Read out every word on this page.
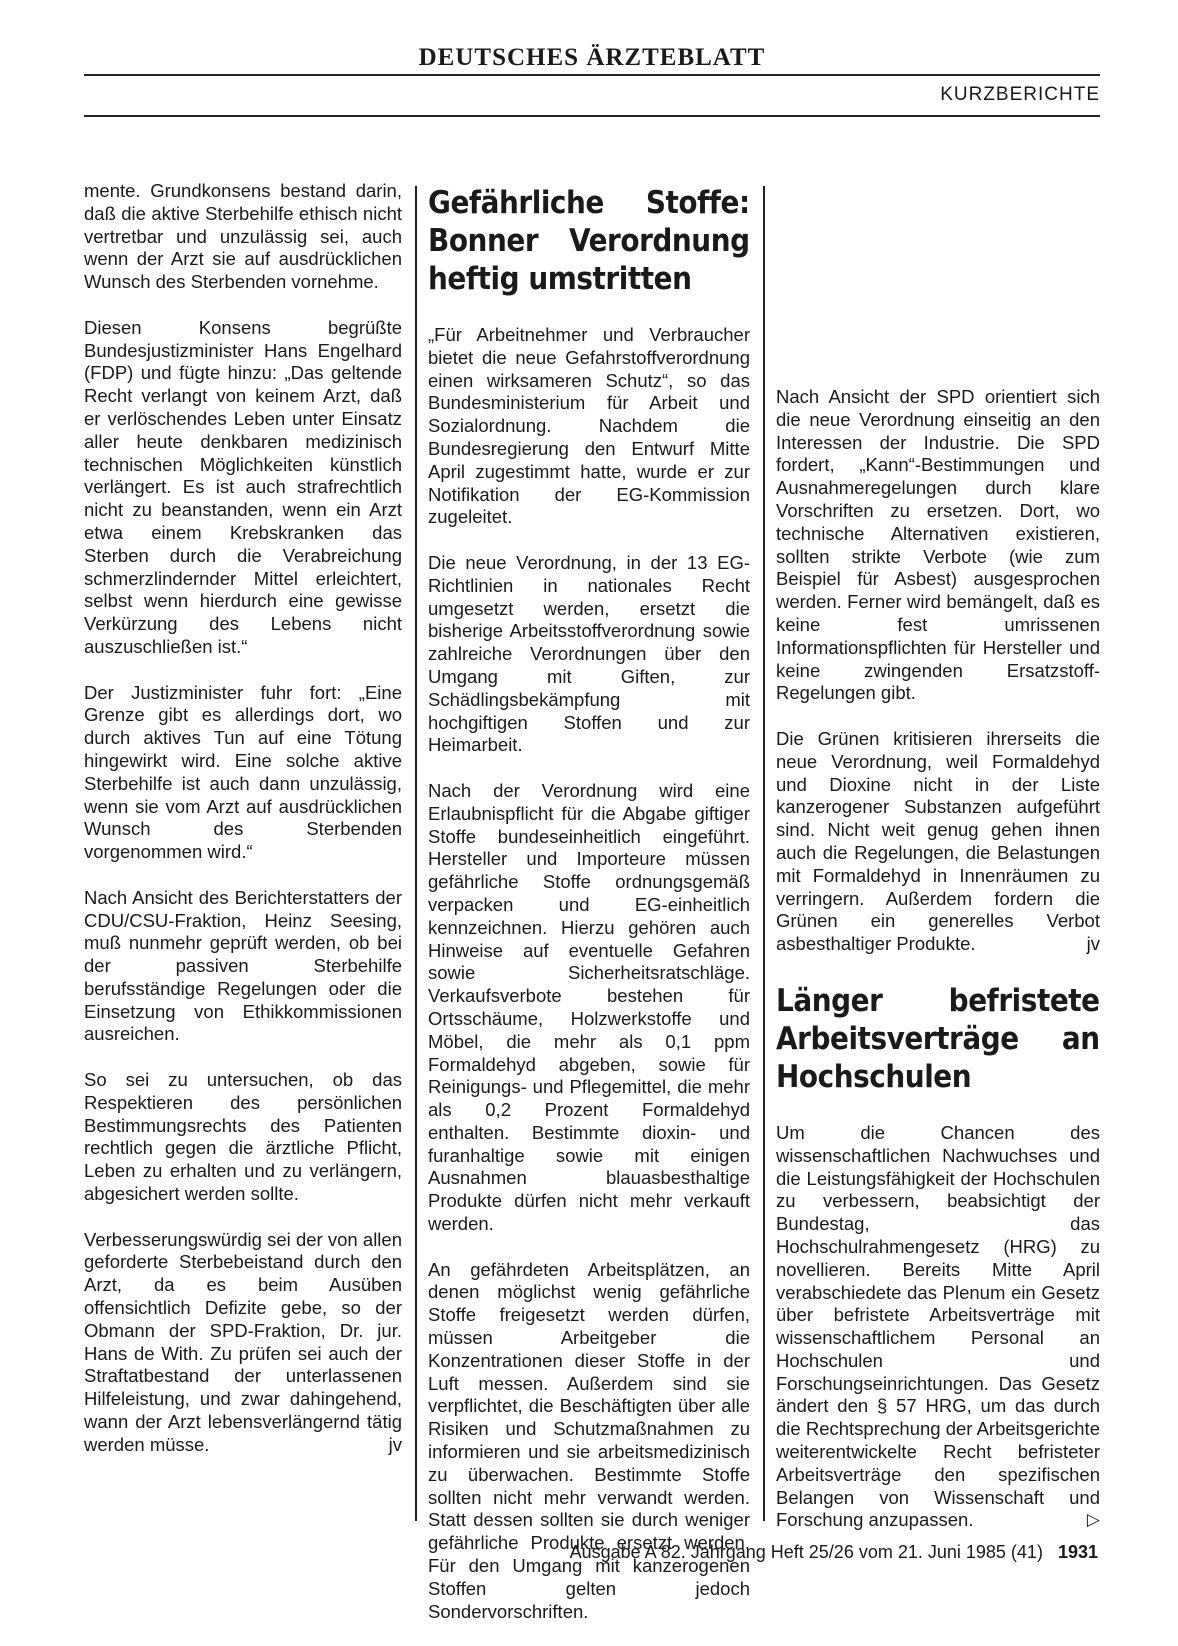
DEUTSCHES ÄRZTEBLATT
KURZBERICHTE

mente. Grundkonsens bestand darin, daß die aktive Sterbehilfe ethisch nicht vertretbar und unzulässig sei, auch wenn der Arzt sie auf ausdrücklichen Wunsch des Sterbenden vornehme.

Diesen Konsens begrüßte Bundesjustizminister Hans Engelhard (FDP) und fügte hinzu: „Das geltende Recht verlangt von keinem Arzt, daß er verlöschendes Leben unter Einsatz aller heute denkbaren medizinisch technischen Möglichkeiten künstlich verlängert. Es ist auch strafrechtlich nicht zu beanstanden, wenn ein Arzt etwa einem Krebskranken das Sterben durch die Verabreichung schmerzlindernder Mittel erleichtert, selbst wenn hierdurch eine gewisse Verkürzung des Lebens nicht auszuschließen ist.“

Der Justizminister fuhr fort: „Eine Grenze gibt es allerdings dort, wo durch aktives Tun auf eine Tötung hingewirkt wird. Eine solche aktive Sterbehilfe ist auch dann unzulässig, wenn sie vom Arzt auf ausdrücklichen Wunsch des Sterbenden vorgenommen wird.“

Nach Ansicht des Berichterstatters der CDU/CSU-Fraktion, Heinz Seesing, muß nunmehr geprüft werden, ob bei der passiven Sterbehilfe berufsständige Regelungen oder die Einsetzung von Ethikkommissionen ausreichen.

So sei zu untersuchen, ob das Respektieren des persönlichen Bestimmungsrechts des Patienten rechtlich gegen die ärztliche Pflicht, Leben zu erhalten und zu verlängern, abgesichert werden sollte.

Verbesserungswürdig sei der von allen geforderte Sterbebeistand durch den Arzt, da es beim Ausüben offensichtlich Defizite gebe, so der Obmann der SPD-Fraktion, Dr. jur. Hans de With. Zu prüfen sei auch der Straftatbestand der unterlassenen Hilfeleistung, und zwar dahingehend, wann der Arzt lebensverlängernd tätig werden müsse.	jv

Gefährliche Stoffe: Bonner Verordnung heftig umstritten

„Für Arbeitnehmer und Verbraucher bietet die neue Gefahrstoffverordnung einen wirksameren Schutz“, so das Bundesministerium für Arbeit und Sozialordnung. Nachdem die Bundesregierung den Entwurf Mitte April zugestimmt hatte, wurde er zur Notifikation der EG-Kommission zugeleitet.

Die neue Verordnung, in der 13 EG-Richtlinien in nationales Recht umgesetzt werden, ersetzt die bisherige Arbeitsstoffverordnung sowie zahlreiche Verordnungen über den Umgang mit Giften, zur Schädlingsbekämpfung mit hochgiftigen Stoffen und zur Heimarbeit.

Nach der Verordnung wird eine Erlaubnispflicht für die Abgabe giftiger Stoffe bundeseinheitlich eingeführt. Hersteller und Importeure müssen gefährliche Stoffe ordnungsgemäß verpacken und EG-einheitlich kennzeichnen. Hierzu gehören auch Hinweise auf eventuelle Gefahren sowie Sicherheitsratschläge. Verkaufsverbote bestehen für Ortsschäume, Holzwerkstoffe und Möbel, die mehr als 0,1 ppm Formaldehyd abgeben, sowie für Reinigungs- und Pflegemittel, die mehr als 0,2 Prozent Formaldehyd enthalten. Bestimmte dioxin- und furanhaltige sowie mit einigen Ausnahmen blauasbesthaltige Produkte dürfen nicht mehr verkauft werden.

An gefährdeten Arbeitsplätzen, an denen möglichst wenig gefährliche Stoffe freigesetzt werden dürfen, müssen Arbeitgeber die Konzentrationen dieser Stoffe in der Luft messen. Außerdem sind sie verpflichtet, die Beschäftigten über alle Risiken und Schutzmaßnahmen zu informieren und sie arbeitsmedizinisch zu überwachen. Bestimmte Stoffe sollten nicht mehr verwandt werden. Statt dessen sollten sie durch weniger gefährliche Produkte ersetzt werden. Für den Umgang mit kanzerogenen Stoffen gelten jedoch Sondervorschriften.

Nach Ansicht der SPD orientiert sich die neue Verordnung einseitig an den Interessen der Industrie. Die SPD fordert, „Kann“-Bestimmungen und Ausnahmeregelungen durch klare Vorschriften zu ersetzen. Dort, wo technische Alternativen existieren, sollten strikte Verbote (wie zum Beispiel für Asbest) ausgesprochen werden. Ferner wird bemängelt, daß es keine fest umrissenen Informationspflichten für Hersteller und keine zwingenden Ersatzstoff-Regelungen gibt.

Die Grünen kritisieren ihrerseits die neue Verordnung, weil Formaldehyd und Dioxine nicht in der Liste kanzerogener Substanzen aufgeführt sind. Nicht weit genug gehen ihnen auch die Regelungen, die Belastungen mit Formaldehyd in Innenräumen zu verringern. Außerdem fordern die Grünen ein generelles Verbot asbesthaltiger Produkte.	jv

Länger befristete Arbeitsverträge an Hochschulen

Um die Chancen des wissenschaftlichen Nachwuchses und die Leistungsfähigkeit der Hochschulen zu verbessern, beabsichtigt der Bundestag, das Hochschulrahmengesetz (HRG) zu novellieren. Bereits Mitte April verabschiedete das Plenum ein Gesetz über befristete Arbeitsverträge mit wissenschaftlichem Personal an Hochschulen und Forschungseinrichtungen. Das Gesetz ändert den § 57 HRG, um das durch die Rechtsprechung der Arbeitsgerichte weiterentwickelte Recht befristeter Arbeitsverträge den spezifischen Belangen von Wissenschaft und Forschung anzupassen.	▷

Ausgabe A 82. Jahrgang Heft 25/26 vom 21. Juni 1985 (41) 1931
